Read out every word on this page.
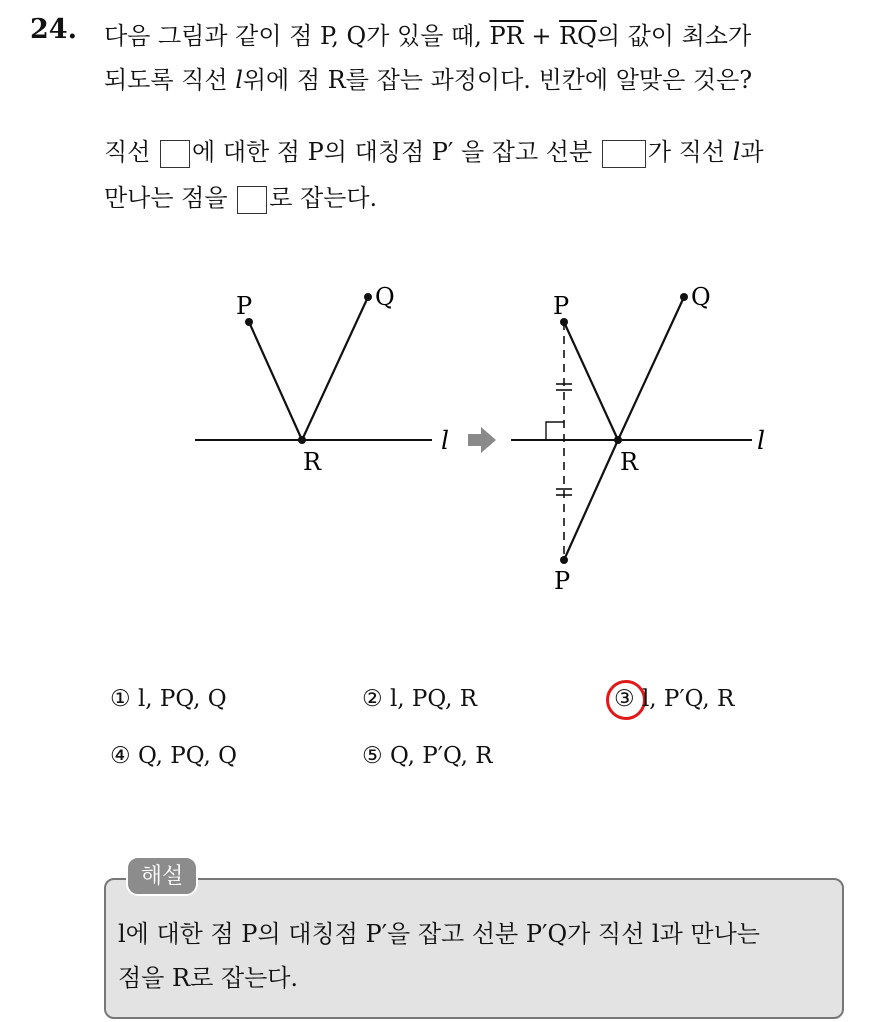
24. 다음 그림과 같이 점 P, Q가 있을 때, $\overline{PR} + \overline{RQ}$의 값이 최소가
되도록 직선 l위에 점 R를 잡는 과정이다. 빈칸에 알맞은 것은?
직선 에 대한 점 P의 대칭점 P′ 을 잡고 선분 가 직선 l과
만나는 점을 로 잡는다.
P	Q
R
l
P	Q
R
l
P
① l, PQ, Q	② l, PQ, R	③ l, P′Q, R
④ Q, PQ, Q	⑤ Q, P′Q, R
해설
l에 대한 점 P의 대칭점 P′을 잡고 선분 P′Q가 직선 l과 만나는
점을 R로 잡는다.
